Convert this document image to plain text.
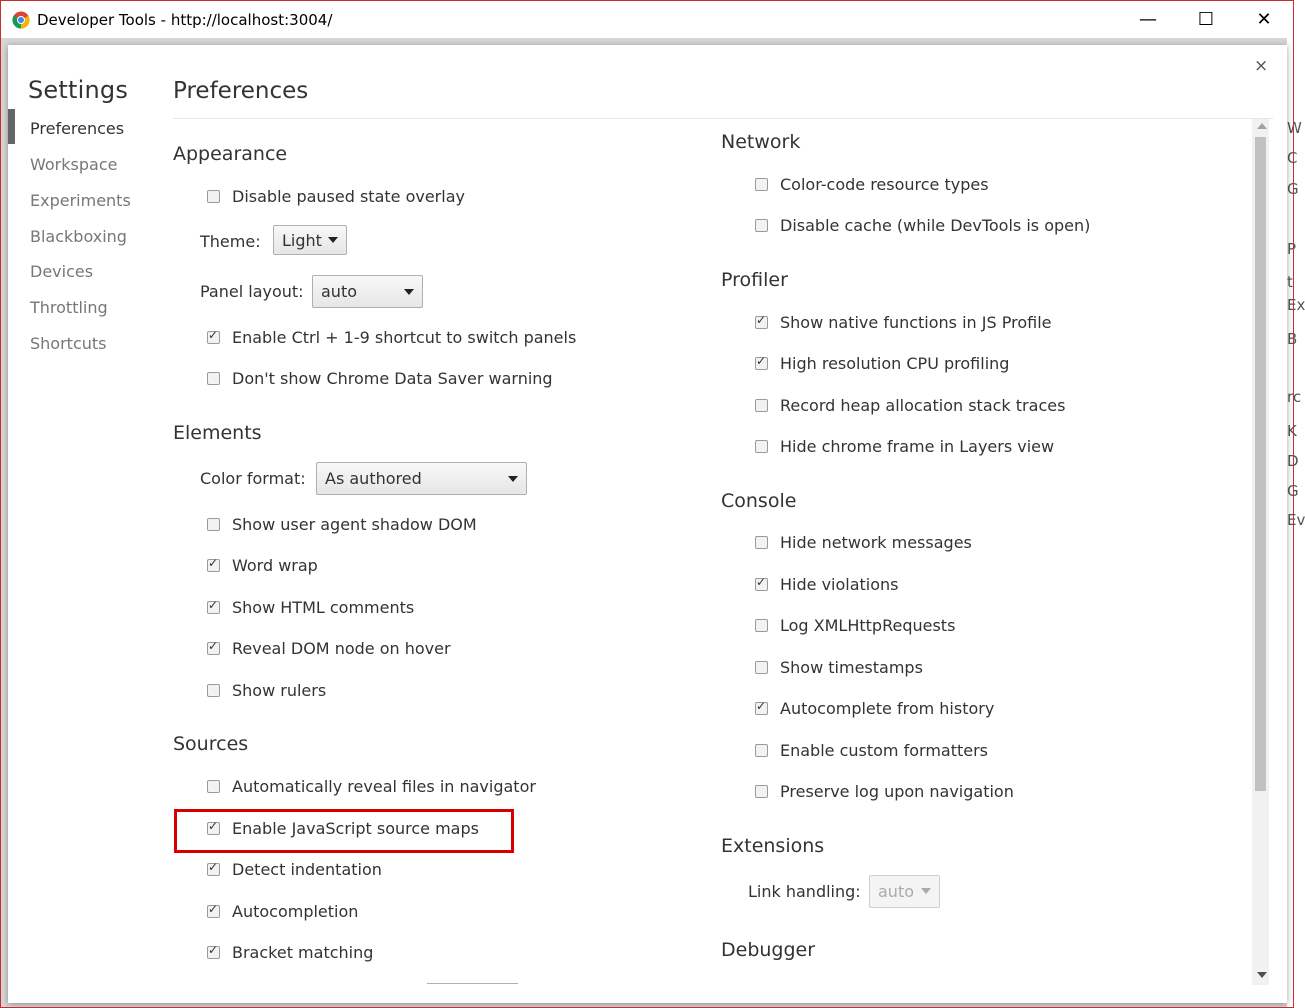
Developer Tools - http://localhost:3004/	— ☐ ✕
W
C
G
P
t
Ex
B
rc
K
D
G
Ev
×
Settings
Preferences
Workspace
Experiments
Blackboxing
Devices
Throttling
Shortcuts
Preferences
Appearance
Disable paused state overlay
Theme: Light
Panel layout: auto
✓
Enable Ctrl + 1-9 shortcut to switch panels
Don't show Chrome Data Saver warning
Elements
Color format: As authored
Show user agent shadow DOM
✓
Word wrap
✓
Show HTML comments
✓
Reveal DOM node on hover
Show rulers
Sources
Automatically reveal files in navigator
✓
Enable JavaScript source maps
✓
Detect indentation
✓
Autocompletion
✓
Bracket matching
Network
Color-code resource types
Disable cache (while DevTools is open)
Profiler
✓
Show native functions in JS Profile
✓
High resolution CPU profiling
Record heap allocation stack traces
Hide chrome frame in Layers view
Console
Hide network messages
✓
Hide violations
Log XMLHttpRequests
Show timestamps
✓
Autocomplete from history
Enable custom formatters
Preserve log upon navigation
Extensions
Link handling: auto
Debugger
